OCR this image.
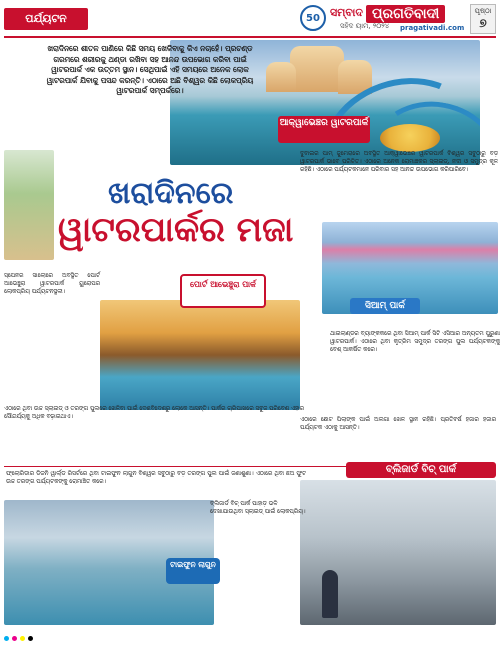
ପର୍ଯ୍ୟଟନ	50 ସମ୍ବାଦ ପ୍ରଗତିବାଦୀ
ସହିଦ ୟାମ, ୨୦୨୪ pragativadi.com
ପୃଷ୍ଠା
୭
ଖରାଦିନରେ ଶୀତଳ ପାଣିରେ କିଛି ସମୟ ଖେଳିବାକୁ କିଏ ନଚାହେଁ। ପ୍ରଚଣ୍ଡ ଗରମରେ ଶରୀରକୁ ଥଣ୍ଡା ରଖିବା ସହ ଆନନ୍ଦ ଉପଭୋଗ କରିବା ପାଇଁ ୱାଟରପାର୍କ ଏକ ଉତ୍ତମ ସ୍ଥାନ। ସେଥିପାଇଁ ଏହି ସମୟରେ ଅନେକ ଲୋକ ୱାଟରପାର୍କ ଯିବାକୁ ପସନ୍ଦ କରନ୍ତି। ଏଠାରେ ଅଛି ବିଶ୍ୱର କିଛି ଲୋକପ୍ରିୟ ୱାଟରପାର୍କ ସମ୍ପର୍କରେ।
ଆକ୍ୱାଭେଞ୍ଚର ୱାଟରପାର୍କ
ଖରାଦିନରେ
ୱାଟରପାର୍କର ମଜା
ଦୁବାଇର ପାମ୍ ଜୁମେରାରେ ଅବସ୍ଥିତ ଆକ୍ୱାଭେଞ୍ଚର ୱାଟରପାର୍କ ବିଶ୍ୱର ସବୁଠାରୁ ବଡ଼ ୱାଟରପାର୍କ ଭାବେ ପରିଚିତ। ଏଠାରେ ଅନେକ ରୋମାଞ୍ଚକର ସ୍ଲାଇଡ୍, ନଦୀ ଓ ସମୁଦ୍ର କୂଳ ରହିଛି। ଏଠାରେ ପର୍ଯ୍ୟଟକମାନେ ପରିବାର ସହ ଆନନ୍ଦ ଉପଭୋଗ କରିପାରିବେ।
ସିଆମ୍ ପାର୍କ
ଥାଇଲାଣ୍ଡର ବ୍ୟାଙ୍କକରେ ଥିବା ସିଆମ୍ ପାର୍କ ସିଟି ଏସିଆର ଅନ୍ୟତମ ପୁରୁଣା ୱାଟରପାର୍କ। ଏଠାରେ ଥିବା କୃତ୍ରିମ ସମୁଦ୍ର ତରଙ୍ଗ ପୁଲ ପର୍ଯ୍ୟଟକଙ୍କୁ ବେଶ୍ ଆକର୍ଷିତ କରେ।
ସ୍ପେନର ସାଲୋରେ ଅବସ୍ଥିତ ପୋର୍ଟ ଆଭେଞ୍ଚୁରା ୱାଟରପାର୍କ ୟୁରୋପର ଲୋକପ୍ରିୟ ପର୍ଯ୍ୟଟନସ୍ଥଳୀ।
ପୋର୍ଟ ଆଭେଞ୍ଚୁରା ପାର୍କ
ଏଠାରେ ଥିବା ଉଚ୍ଚ ସ୍ଲାଇଡ୍ ଓ ତରଙ୍ଗ ପୁଲରେ ଖେଳିବା ପାଇଁ ଦେଶବିଦେଶରୁ ଲୋକେ ଆସନ୍ତି। ପାର୍କର ଚାରିପାଖରେ ସବୁଜ ପରିବେଶ ଏହାର ସୌନ୍ଦର୍ଯ୍ୟକୁ ଅଧିକ ବଢ଼ାଇଥାଏ।	ଏଠାରେ ଛୋଟ ପିଲାଙ୍କ ପାଇଁ ଅଲଗା ଖେଳ ସ୍ଥାନ ରହିଛି। ପ୍ରତିବର୍ଷ ହଜାର ହଜାର ପର୍ଯ୍ୟଟକ ଏଠାକୁ ଆସନ୍ତି।
ଫ୍ଲୋରିଡାର ଡିଜନି ୱାର୍ଲ୍ଡ ରିସର୍ଟରେ ଥିବା ଟାଇଫୁନ ଲାଗୁନ ବିଶ୍ୱର ସବୁଠାରୁ ବଡ଼ ତରଙ୍ଗ ପୁଲ ପାଇଁ ଜଣାଶୁଣା। ଏଠାରେ ଥିବା ଛଅ ଫୁଟ ଉଚ୍ଚ ତରଙ୍ଗ ପର୍ଯ୍ୟଟକଙ୍କୁ ରୋମାଞ୍ଚିତ କରେ।
ବ୍ଲିଜାର୍ଡ ବିଚ୍ ପାର୍କ
ଟାଇଫୁନ ଲାଗୁନ
ବ୍ଲିଜାର୍ଡ ବିଚ୍ ପାର୍କ ପାହାଡ଼ ଭଳି ଦେଖାଯାଉଥିବା ସ୍ଲାଇଡ୍ ପାଇଁ ଲୋକପ୍ରିୟ।
